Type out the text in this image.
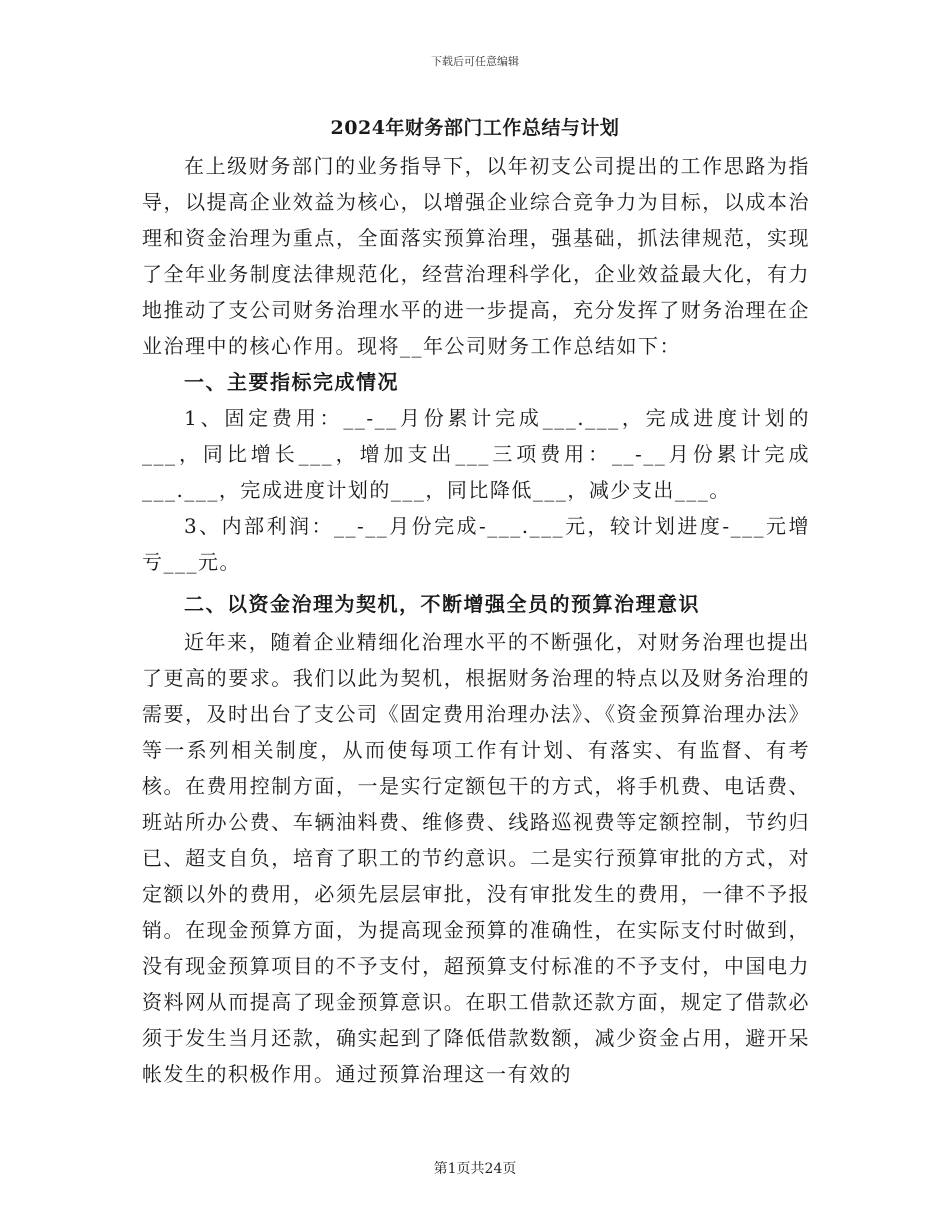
下载后可任意编辑
2024年财务部门工作总结与计划

在上级财务部门的业务指导下，以年初支公司提出的工作思路为指导，以提高企业效益为核心，以增强企业综合竞争力为目标，以成本治理和资金治理为重点，全面落实预算治理，强基础，抓法律规范，实现了全年业务制度法律规范化，经营治理科学化，企业效益最大化，有力地推动了支公司财务治理水平的进一步提高，充分发挥了财务治理在企业治理中的核心作用。现将__年公司财务工作总结如下：

一、主要指标完成情况

1、固定费用：__-__月份累计完成___.___，完成进度计划的___，同比增长___，增加支出___三项费用：__-__月份累计完成___.___，完成进度计划的___，同比降低___，减少支出___。

3、内部利润：__-__月份完成-___.___元，较计划进度-___元增亏___元。

二、以资金治理为契机，不断增强全员的预算治理意识

近年来，随着企业精细化治理水平的不断强化，对财务治理也提出了更高的要求。我们以此为契机，根据财务治理的特点以及财务治理的需要，及时出台了支公司《固定费用治理办法》、《资金预算治理办法》等一系列相关制度，从而使每项工作有计划、有落实、有监督、有考核。在费用控制方面，一是实行定额包干的方式，将手机费、电话费、班站所办公费、车辆油料费、维修费、线路巡视费等定额控制，节约归已、超支自负，培育了职工的节约意识。二是实行预算审批的方式，对定额以外的费用，必须先层层审批，没有审批发生的费用，一律不予报销。在现金预算方面，为提高现金预算的准确性，在实际支付时做到，没有现金预算项目的不予支付，超预算支付标准的不予支付，中国电力资料网从而提高了现金预算意识。在职工借款还款方面，规定了借款必须于发生当月还款，确实起到了降低借款数额，减少资金占用，避开呆帐发生的积极作用。通过预算治理这一有效的

第1页共24页
